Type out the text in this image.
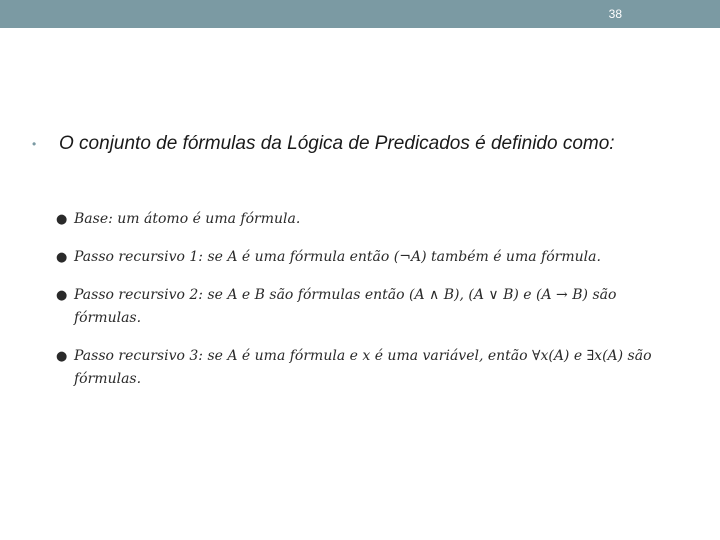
38
• O conjunto de fórmulas da Lógica de Predicados é definido como:
● Base: um átomo é uma fórmula.
● Passo recursivo 1: se A é uma fórmula então (¬A) também é uma fórmula.
● Passo recursivo 2: se A e B são fórmulas então (A ∧ B), (A ∨ B) e (A → B) são fórmulas.
● Passo recursivo 3: se A é uma fórmula e x é uma variável, então ∀x(A) e ∃x(A) são fórmulas.
